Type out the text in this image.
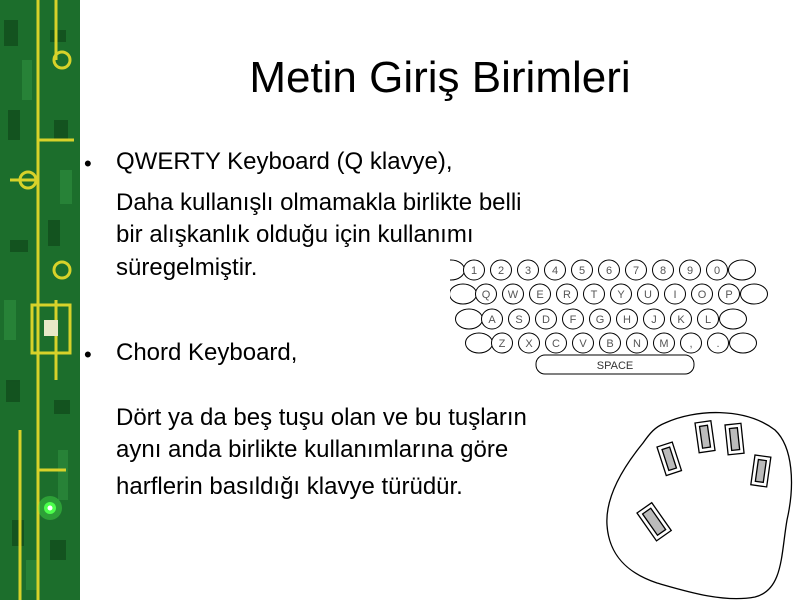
Metin Giriş Birimleri
• QWERTY Keyboard (Q klavye),
Daha kullanışlı olmamakla birlikte belli
bir alışkanlık olduğu için kullanımı
süregelmiştir.
• Chord Keyboard,
Dört ya da beş tuşu olan ve bu tuşların
aynı anda birlikte kullanımlarına göre
harflerin basıldığı klavye türüdür.
1 2 3 4 5 6 7 8 9 0
Q W E R T Y U I O P
A S D F G H J K L
Z X C V B N M , .
SPACE
